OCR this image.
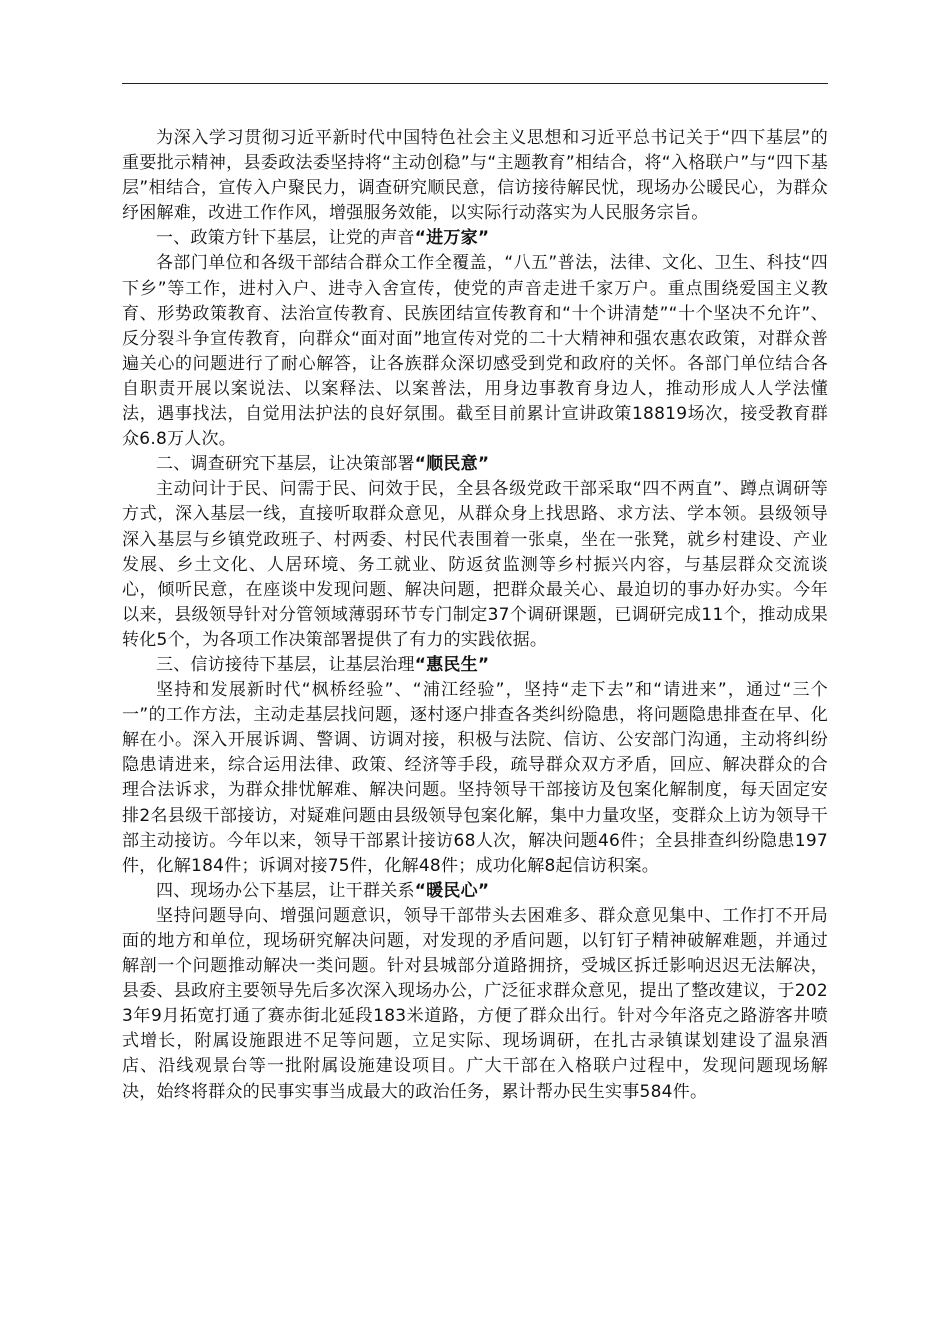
为深入学习贯彻习近平新时代中国特色社会主义思想和习近平总书记关于“四下基层”的重要批示精神，县委政法委坚持将“主动创稳”与“主题教育”相结合，将“入格联户”与“四下基层”相结合，宣传入户聚民力，调查研究顺民意，信访接待解民忧，现场办公暖民心，为群众纾困解难，改进工作作风，增强服务效能，以实际行动落实为人民服务宗旨。

一、政策方针下基层，让党的声音“进万家”

各部门单位和各级干部结合群众工作全覆盖，“八五”普法，法律、文化、卫生、科技“四下乡”等工作，进村入户、进寺入舍宣传，使党的声音走进千家万户。重点围绕爱国主义教育、形势政策教育、法治宣传教育、民族团结宣传教育和“十个讲清楚”“十个坚决不允许”、反分裂斗争宣传教育，向群众“面对面”地宣传对党的二十大精神和强农惠农政策，对群众普遍关心的问题进行了耐心解答，让各族群众深切感受到党和政府的关怀。各部门单位结合各自职责开展以案说法、以案释法、以案普法，用身边事教育身边人，推动形成人人学法懂法，遇事找法，自觉用法护法的良好氛围。截至目前累计宣讲政策18819场次，接受教育群众6.8万人次。

二、调查研究下基层，让决策部署“顺民意”

主动问计于民、问需于民、问效于民，全县各级党政干部采取“四不两直”、蹲点调研等方式，深入基层一线，直接听取群众意见，从群众身上找思路、求方法、学本领。县级领导深入基层与乡镇党政班子、村两委、村民代表围着一张桌，坐在一张凳，就乡村建设、产业发展、乡土文化、人居环境、务工就业、防返贫监测等乡村振兴内容，与基层群众交流谈心，倾听民意，在座谈中发现问题、解决问题，把群众最关心、最迫切的事办好办实。今年以来，县级领导针对分管领域薄弱环节专门制定37个调研课题，已调研完成11个，推动成果转化5个，为各项工作决策部署提供了有力的实践依据。

三、信访接待下基层，让基层治理“惠民生”

坚持和发展新时代“枫桥经验”、“浦江经验”，坚持“走下去”和“请进来”，通过“三个一”的工作方法，主动走基层找问题，逐村逐户排查各类纠纷隐患，将问题隐患排查在早、化解在小。深入开展诉调、警调、访调对接，积极与法院、信访、公安部门沟通，主动将纠纷隐患请进来，综合运用法律、政策、经济等手段，疏导群众双方矛盾，回应、解决群众的合理合法诉求，为群众排忧解难、解决问题。坚持领导干部接访及包案化解制度，每天固定安排2名县级干部接访，对疑难问题由县级领导包案化解，集中力量攻坚，变群众上访为领导干部主动接访。今年以来，领导干部累计接访68人次，解决问题46件；全县排查纠纷隐患197件，化解184件；诉调对接75件，化解48件；成功化解8起信访积案。

四、现场办公下基层，让干群关系“暖民心”

坚持问题导向、增强问题意识，领导干部带头去困难多、群众意见集中、工作打不开局面的地方和单位，现场研究解决问题，对发现的矛盾问题，以钉钉子精神破解难题，并通过解剖一个问题推动解决一类问题。针对县城部分道路拥挤，受城区拆迁影响迟迟无法解决，县委、县政府主要领导先后多次深入现场办公，广泛征求群众意见，提出了整改建议，于2023年9月拓宽打通了赛赤街北延段183米道路，方便了群众出行。针对今年洛克之路游客井喷式增长，附属设施跟进不足等问题，立足实际、现场调研，在扎古录镇谋划建设了温泉酒店、沿线观景台等一批附属设施建设项目。广大干部在入格联户过程中，发现问题现场解决，始终将群众的民事实事当成最大的政治任务，累计帮办民生实事584件。
